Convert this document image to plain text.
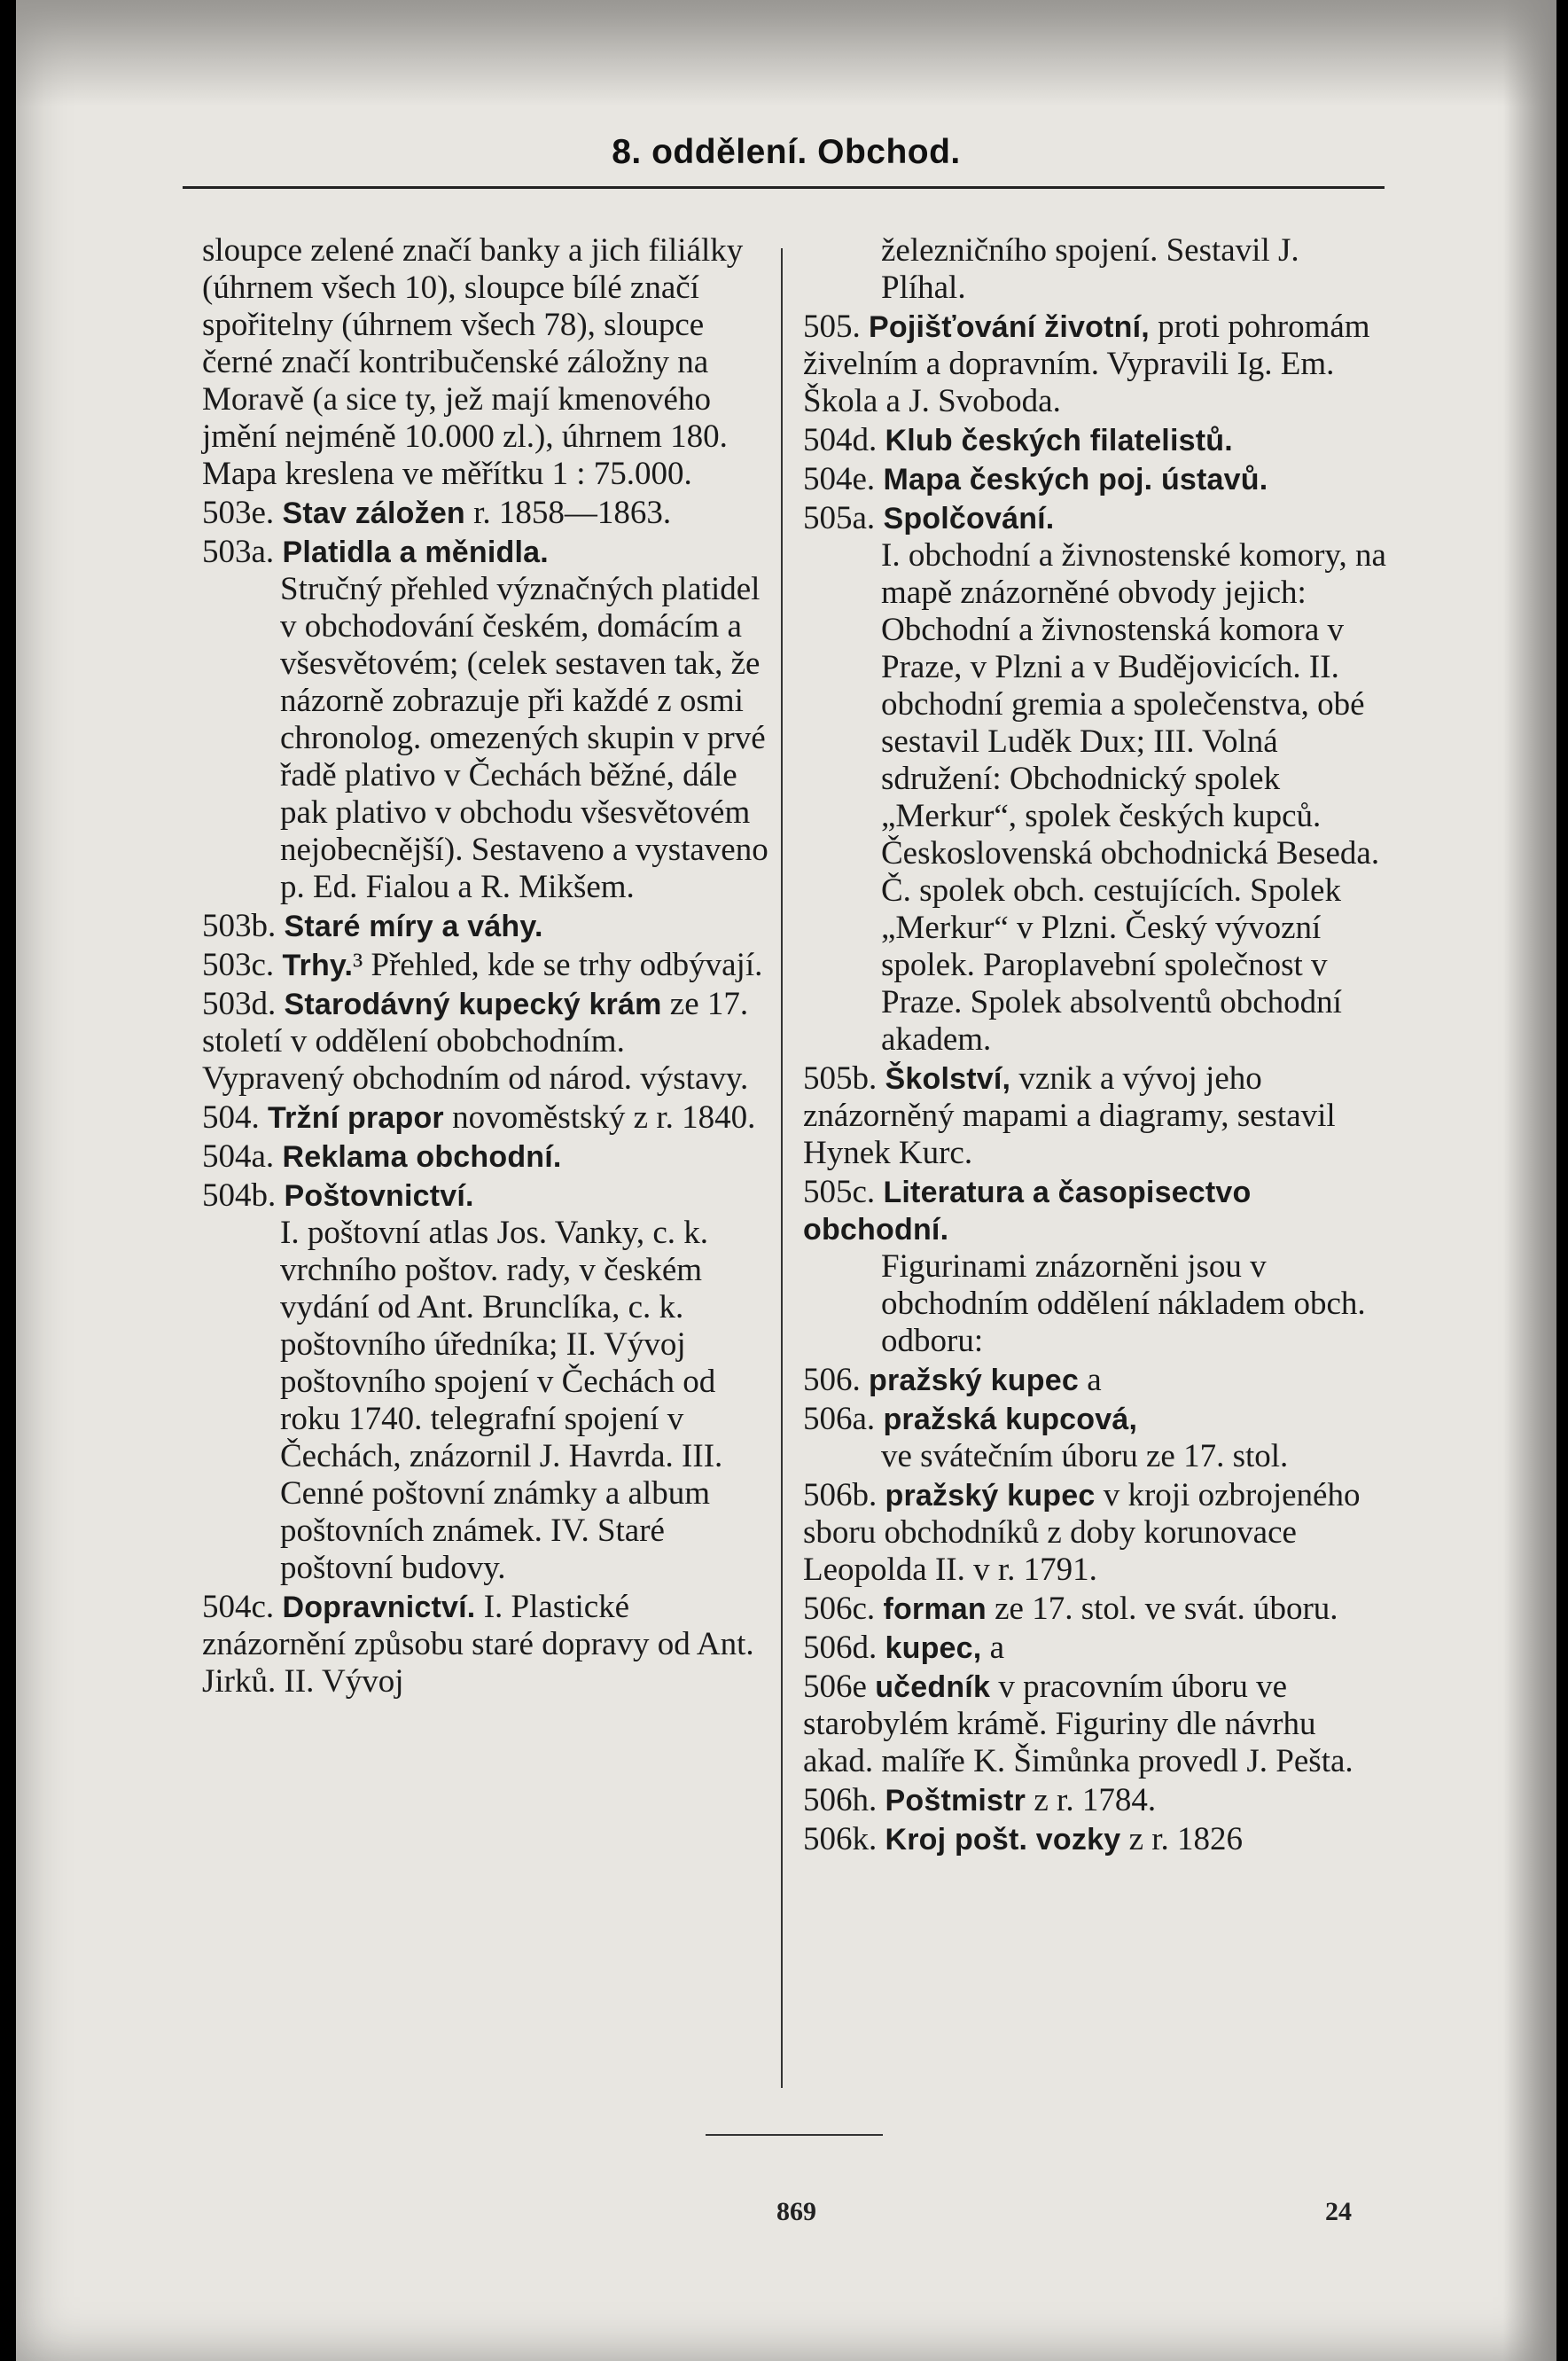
8. oddělení. Obchod.

sloupce zelené značí banky a jich filiálky (úhrnem všech 10), sloupce bílé značí spořitelny (úhrnem všech 78), sloupce černé značí kontribučenské záložny na Moravě (a sice ty, jež mají kmenového jmění nejméně 10.000 zl.), úhrnem 180. Mapa kreslena ve měřítku 1 : 75.000.

503e. Stav záložen r. 1858—1863.

503a. Platidla a měnidla.
Stručný přehled význačných platidel v obchodování českém, domácím a všesvětovém; (celek sestaven tak, že názorně zobrazuje při každé z osmi chronolog. omezených skupin v prvé řadě plativo v Čechách běžné, dále pak plativo v obchodu všesvětovém nejobecnější). Sestaveno a vystaveno p. Ed. Fialou a R. Mikšem.

503b. Staré míry a váhy.

503c. Trhy.³ Přehled, kde se trhy odbývají.

503d. Starodávný kupecký krám ze 17. století v oddělení obobchodním. Vypravený obchodním od národ. výstavy.

504. Tržní prapor novoměstský z r. 1840.

504a. Reklama obchodní.

504b. Poštovnictví.
I. poštovní atlas Jos. Vanky, c. k. vrchního poštov. rady, v českém vydání od Ant. Brunclíka, c. k. poštovního úředníka; II. Vývoj poštovního spojení v Čechách od roku 1740. telegrafní spojení v Čechách, znázornil J. Havrda. III. Cenné poštovní známky a album poštovních známek. IV. Staré poštovní budovy.

504c. Dopravnictví. I. Plastické znázornění způsobu staré dopravy od Ant. Jirků. II. Vývoj

železničního spojení. Sestavil J. Plíhal.

505. Pojišťování životní, proti pohromám živelním a dopravním. Vypravili Ig. Em. Škola a J. Svoboda.

504d. Klub českých filatelistů.

504e. Mapa českých poj. ústavů.

505a. Spolčování.
I. obchodní a živnostenské komory, na mapě znázorněné obvody jejich: Obchodní a živnostenská komora v Praze, v Plzni a v Budějovicích. II. obchodní gremia a společenstva, obé sestavil Luděk Dux; III. Volná sdružení: Obchodnický spolek „Merkur“, spolek českých kupců. Československá obchodnická Beseda. Č. spolek obch. cestujících. Spolek „Merkur“ v Plzni. Český vývozní spolek. Paroplavební společnost v Praze. Spolek absolventů obchodní akadem.

505b. Školství, vznik a vývoj jeho znázorněný mapami a diagramy, sestavil Hynek Kurc.

505c. Literatura a časopisectvo obchodní.
Figurinami znázorněni jsou v obchodním oddělení nákladem obch. odboru:

506. pražský kupec a

506a. pražská kupcová,
ve svátečním úboru ze 17. stol.

506b. pražský kupec v kroji ozbrojeného sboru obchodníků z doby korunovace Leopolda II. v r. 1791.

506c. forman ze 17. stol. ve svát. úboru.

506d. kupec, a

506e učedník v pracovním úboru ve starobylém krámě. Figuriny dle návrhu akad. malíře K. Šimůnka provedl J. Pešta.

506h. Poštmistr z r. 1784.

506k. Kroj pošt. vozky z r. 1826

869	24
